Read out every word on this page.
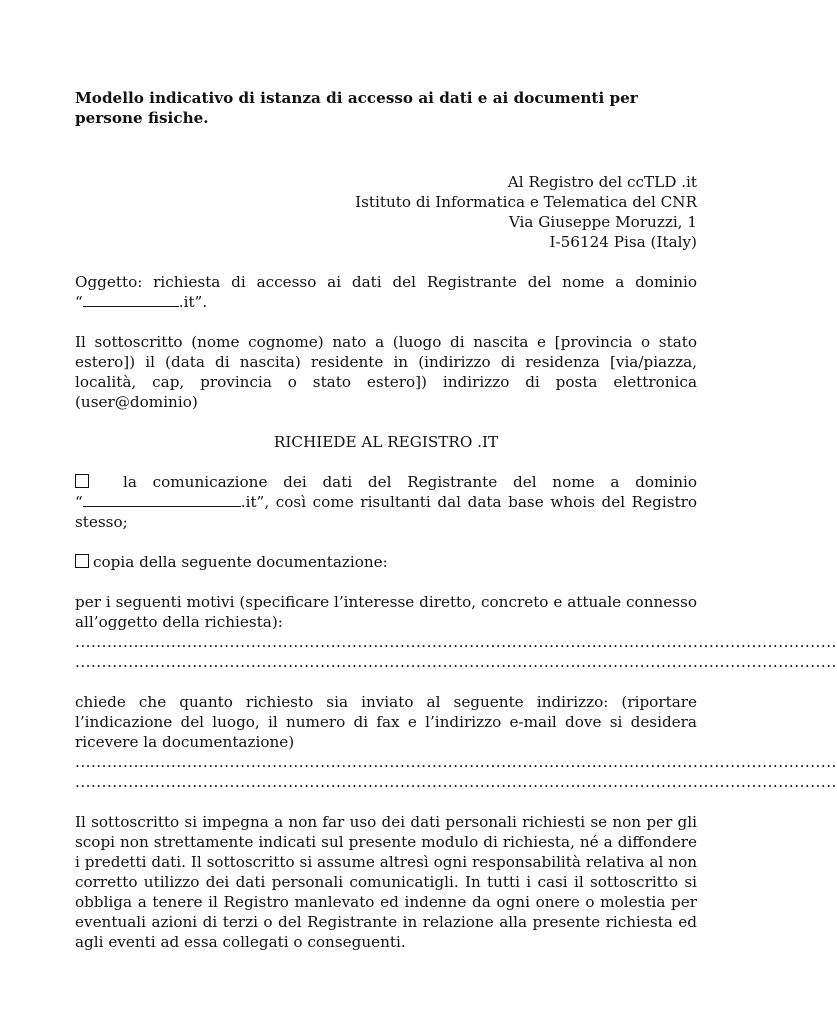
Modello indicativo di istanza di accesso ai dati e ai documenti per persone fisiche.

Al Registro del ccTLD .it
Istituto di Informatica e Telematica del CNR
Via Giuseppe Moruzzi, 1
I-56124 Pisa (Italy)
Oggetto: richiesta di accesso ai dati del Registrante del nome a dominio
“	.it”.
Il sottoscritto (nome cognome) nato a (luogo di nascita e [provincia o stato estero]) il (data di nascita) residente in (indirizzo di residenza [via/piazza, località, cap, provincia o stato estero]) indirizzo di posta elettronica (user@dominio)
RICHIEDE AL REGISTRO .IT
la comunicazione dei dati del Registrante del nome a dominio
“	.it”, così come risultanti dal data base whois del Registro stesso;
copia della seguente documentazione:
per i seguenti motivi (specificare l’interesse diretto, concreto e attuale connesso all’oggetto della richiesta):
...............................................................................................................................................
...............................................................................................................................................
chiede che quanto richiesto sia inviato al seguente indirizzo: (riportare l’indicazione del luogo, il numero di fax e l’indirizzo e-mail dove si desidera ricevere la documentazione)
...............................................................................................................................................
...............................................................................................................................................
Il sottoscritto si impegna a non far uso dei dati personali richiesti se non per gli scopi non strettamente indicati sul presente modulo di richiesta, né a diffondere i predetti dati. Il sottoscritto si assume altresì ogni responsabilità relativa al non corretto utilizzo dei dati personali comunicatigli. In tutti i casi il sottoscritto si obbliga a tenere il Registro manlevato ed indenne da ogni onere o molestia per eventuali azioni di terzi o del Registrante in relazione alla presente richiesta ed agli eventi ad essa collegati o conseguenti.
